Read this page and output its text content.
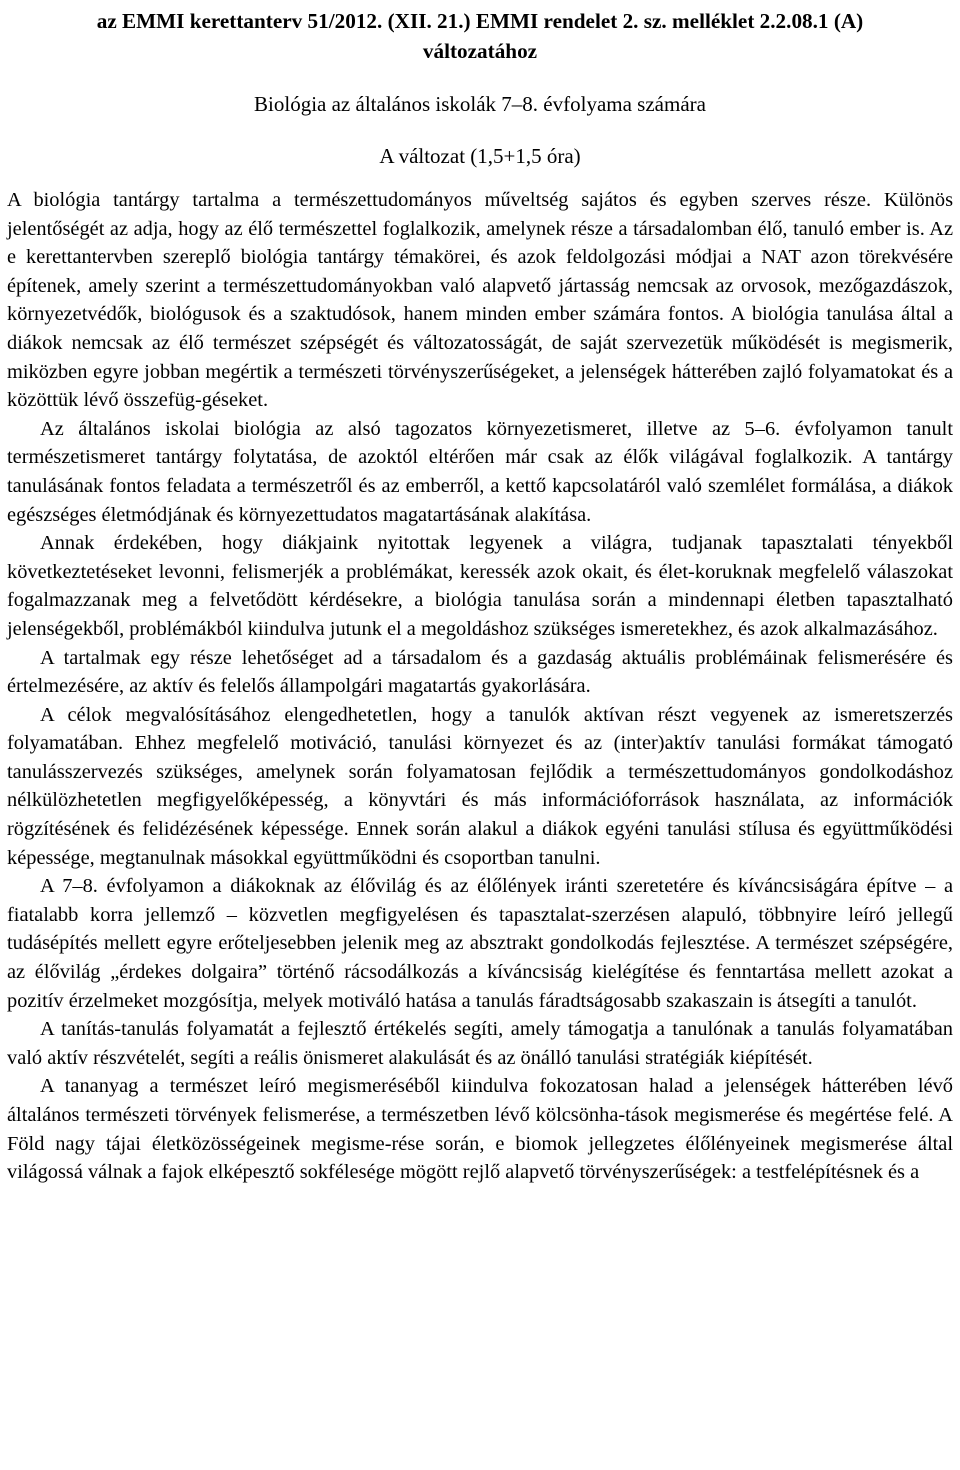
az EMMI kerettanterv 51/2012. (XII. 21.) EMMI rendelet 2. sz. melléklet 2.2.08.1 (A)
változatához
Biológia az általános iskolák 7–8. évfolyama számára
A változat (1,5+1,5 óra)

A biológia tantárgy tartalma a természettudományos műveltség sajátos és egyben szerves része. Különös jelentőségét az adja, hogy az élő természettel foglalkozik, amelynek része a társadalomban élő, tanuló ember is. Az e kerettantervben szereplő biológia tantárgy témakörei, és azok feldolgozási módjai a NAT azon törekvésére építenek, amely szerint a természettudományokban való alapvető jártasság nemcsak az orvosok, mezőgazdászok, környezetvédők, biológusok és a szaktudósok, hanem minden ember számára fontos. A biológia tanulása által a diákok nemcsak az élő természet szépségét és változatosságát, de saját szervezetük működését is megismerik, miközben egyre jobban megértik a természeti törvényszerűségeket, a jelenségek hátterében zajló folyamatokat és a közöttük lévő összefüg-géseket.

Az általános iskolai biológia az alsó tagozatos környezetismeret, illetve az 5–6. évfolyamon tanult természetismeret tantárgy folytatása, de azoktól eltérően már csak az élők világával foglalkozik. A tantárgy tanulásának fontos feladata a természetről és az emberről, a kettő kapcsolatáról való szemlélet formálása, a diákok egészséges életmódjának és környezettudatos magatartásának alakítása.

Annak érdekében, hogy diákjaink nyitottak legyenek a világra, tudjanak tapasztalati tényekből következtetéseket levonni, felismerjék a problémákat, keressék azok okait, és élet-koruknak megfelelő válaszokat fogalmazzanak meg a felvetődött kérdésekre, a biológia tanulása során a mindennapi életben tapasztalható jelenségekből, problémákból kiindulva jutunk el a megoldáshoz szükséges ismeretekhez, és azok alkalmazásához.

A tartalmak egy része lehetőséget ad a társadalom és a gazdaság aktuális problémáinak felismerésére és értelmezésére, az aktív és felelős állampolgári magatartás gyakorlására.

A célok megvalósításához elengedhetetlen, hogy a tanulók aktívan részt vegyenek az ismeretszerzés folyamatában. Ehhez megfelelő motiváció, tanulási környezet és az (inter)aktív tanulási formákat támogató tanulásszervezés szükséges, amelynek során folyamatosan fejlődik a természettudományos gondolkodáshoz nélkülözhetetlen megfigyelőképesség, a könyvtári és más információforrások használata, az információk rögzítésének és felidézésének képessége. Ennek során alakul a diákok egyéni tanulási stílusa és együttműködési képessége, megtanulnak másokkal együttműködni és csoportban tanulni.

A 7–8. évfolyamon a diákoknak az élővilág és az élőlények iránti szeretetére és kíváncsiságára építve – a fiatalabb korra jellemző – közvetlen megfigyelésen és tapasztalat-szerzésen alapuló, többnyire leíró jellegű tudásépítés mellett egyre erőteljesebben jelenik meg az absztrakt gondolkodás fejlesztése. A természet szépségére, az élővilág „érdekes dolgaira” történő rácsodálkozás a kíváncsiság kielégítése és fenntartása mellett azokat a pozitív érzelmeket mozgósítja, melyek motiváló hatása a tanulás fáradtságosabb szakaszain is átsegíti a tanulót.

A tanítás-tanulás folyamatát a fejlesztő értékelés segíti, amely támogatja a tanulónak a tanulás folyamatában való aktív részvételét, segíti a reális önismeret alakulását és az önálló tanulási stratégiák kiépítését.

A tananyag a természet leíró megismeréséből kiindulva fokozatosan halad a jelenségek hátterében lévő általános természeti törvények felismerése, a természetben lévő kölcsönha-tások megismerése és megértése felé. A Föld nagy tájai életközösségeinek megisme-rése során, e biomok jellegzetes élőlényeinek megismerése által világossá válnak a fajok elképesztő sokfélesége mögött rejlő alapvető törvényszerűségek: a testfelépítésnek és a
